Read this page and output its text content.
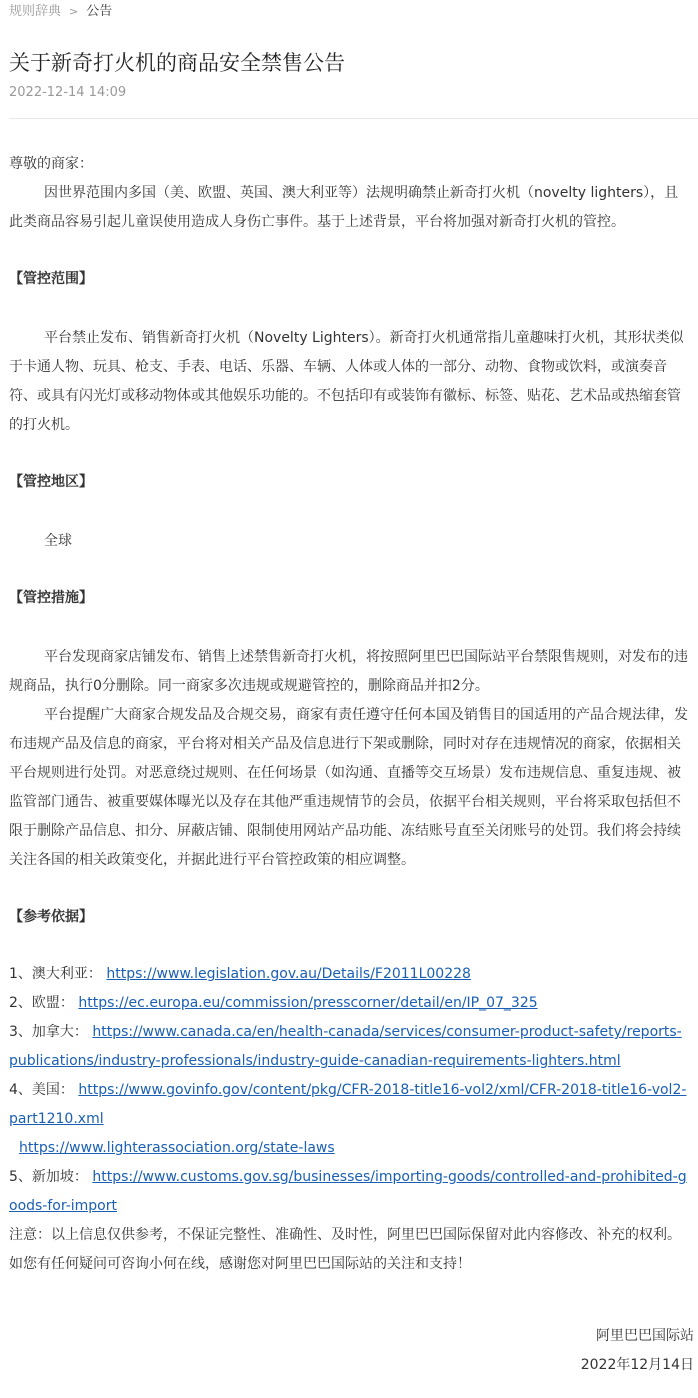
规则辞典 > 公告
关于新奇打火机的商品安全禁售公告
2022-12-14 14:09

尊敬的商家：

因世界范围内多国（美、欧盟、英国、澳大利亚等）法规明确禁止新奇打火机（novelty lighters），且此类商品容易引起儿童误使用造成人身伤亡事件。基于上述背景，平台将加强对新奇打火机的管控。

【管控范围】

平台禁止发布、销售新奇打火机（Novelty Lighters）。新奇打火机通常指儿童趣味打火机，其形状类似于卡通人物、玩具、枪支、手表、电话、乐器、车辆、人体或人体的一部分、动物、食物或饮料，或演奏音符、或具有闪光灯或移动物体或其他娱乐功能的。不包括印有或装饰有徽标、标签、贴花、艺术品或热缩套管的打火机。

【管控地区】

全球

【管控措施】

平台发现商家店铺发布、销售上述禁售新奇打火机，将按照阿里巴巴国际站平台禁限售规则，对发布的违规商品，执行0分删除。同一商家多次违规或规避管控的，删除商品并扣2分。

平台提醒广大商家合规发品及合规交易，商家有责任遵守任何本国及销售目的国适用的产品合规法律，发布违规产品及信息的商家，平台将对相关产品及信息进行下架或删除，同时对存在违规情况的商家，依据相关平台规则进行处罚。对恶意绕过规则、在任何场景（如沟通、直播等交互场景）发布违规信息、重复违规、被监管部门通告、被重要媒体曝光以及存在其他严重违规情节的会员，依据平台相关规则，平台将采取包括但不限于删除产品信息、扣分、屏蔽店铺、限制使用网站产品功能、冻结账号直至关闭账号的处罚。我们将会持续关注各国的相关政策变化，并据此进行平台管控政策的相应调整。

【参考依据】

1、澳大利亚： https://www.legislation.gov.au/Details/F2011L00228

2、欧盟： https://ec.europa.eu/commission/presscorner/detail/en/IP_07_325

3、加拿大： https://www.canada.ca/en/health-canada/services/consumer-product-safety/reports-publications/industry-professionals/industry-guide-canadian-requirements-lighters.html

4、美国： https://www.govinfo.gov/content/pkg/CFR-2018-title16-vol2/xml/CFR-2018-title16-vol2-part1210.xml

https://www.lighterassociation.org/state-laws

5、新加坡： https://www.customs.gov.sg/businesses/importing-goods/controlled-and-prohibited-goods-for-import

注意：以上信息仅供参考，不保证完整性、准确性、及时性，阿里巴巴国际保留对此内容修改、补充的权利。如您有任何疑问可咨询小何在线，感谢您对阿里巴巴国际站的关注和支持！

阿里巴巴国际站
2022年12月14日
